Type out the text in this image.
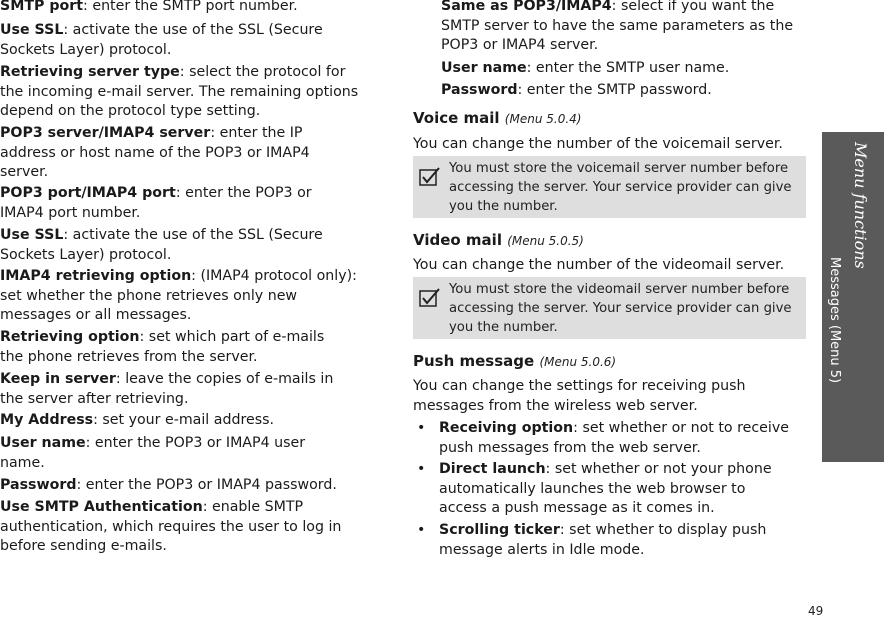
SMTP port: enter the SMTP port number.

Use SSL: activate the use of the SSL (Secure Sockets Layer) protocol.

Retrieving server type: select the protocol for the incoming e-mail server. The remaining options depend on the protocol type setting.

POP3 server/IMAP4 server: enter the IP address or host name of the POP3 or IMAP4 server.

POP3 port/IMAP4 port: enter the POP3 or IMAP4 port number.

Use SSL: activate the use of the SSL (Secure Sockets Layer) protocol.

IMAP4 retrieving option: (IMAP4 protocol only): set whether the phone retrieves only new messages or all messages.

Retrieving option: set which part of e-mails the phone retrieves from the server.

Keep in server: leave the copies of e-mails in the server after retrieving.

My Address: set your e-mail address.

User name: enter the POP3 or IMAP4 user name.

Password: enter the POP3 or IMAP4 password.

Use SMTP Authentication: enable SMTP authentication, which requires the user to log in before sending e-mails.

Same as POP3/IMAP4: select if you want the SMTP server to have the same parameters as the POP3 or IMAP4 server.

User name: enter the SMTP user name.

Password: enter the SMTP password.

Voice mail (Menu 5.0.4)

You can change the number of the voicemail server.

You must store the voicemail server number before accessing the server. Your service provider can give you the number.

Video mail (Menu 5.0.5)

You can change the number of the videomail server.

You must store the videomail server number before accessing the server. Your service provider can give you the number.

Push message (Menu 5.0.6)

You can change the settings for receiving push messages from the wireless web server.

• Receiving option: set whether or not to receive push messages from the web server.

• Direct launch: set whether or not your phone automatically launches the web browser to access a push message as it comes in.

• Scrolling ticker: set whether to display push message alerts in Idle mode.

Menu functions
Messages (Menu 5)
49
